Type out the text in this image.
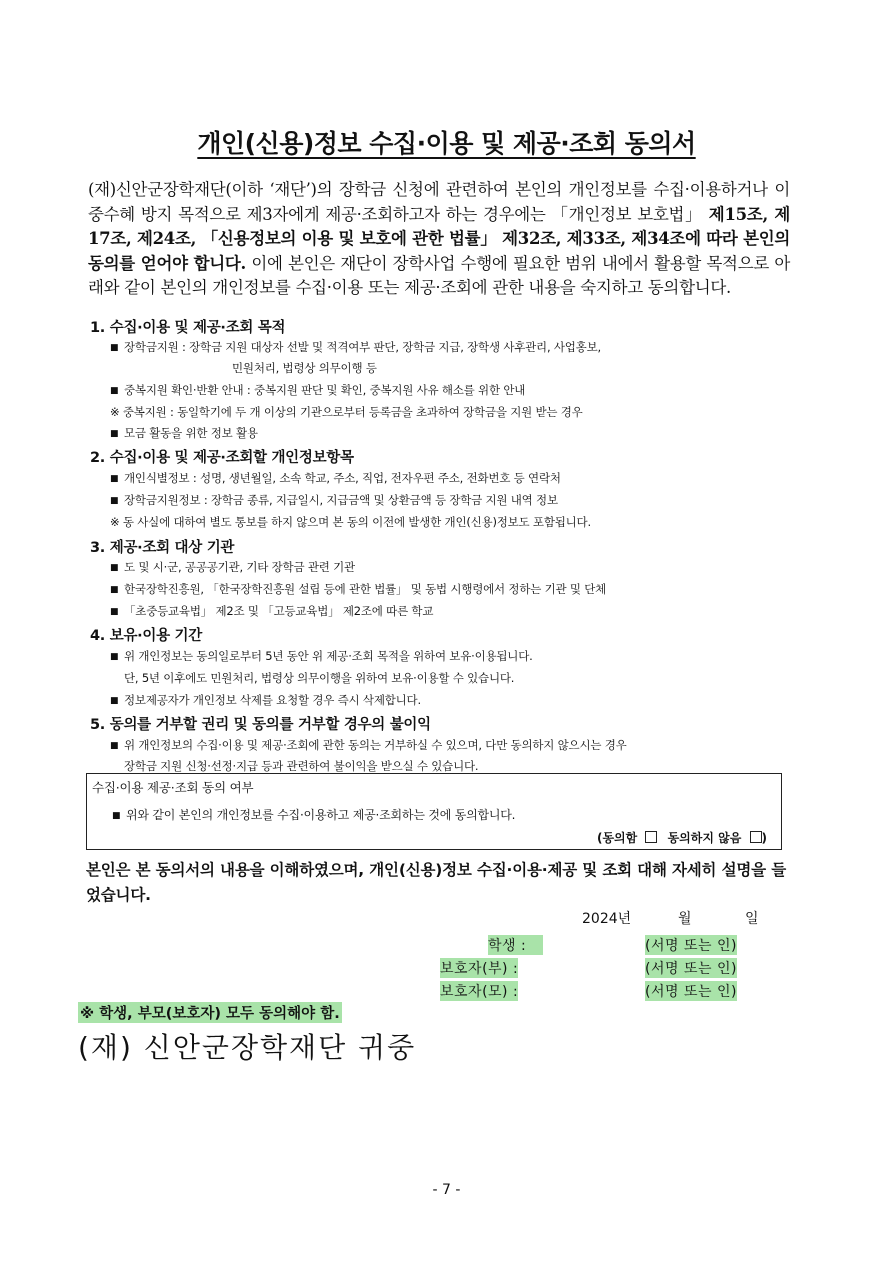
개인(신용)정보 수집·이용 및 제공·조회 동의서
(재)신안군장학재단(이하 ‘재단’)의 장학금 신청에 관련하여 본인의 개인정보를 수집·이용하거나 이중수혜 방지 목적으로 제3자에게 제공·조회하고자 하는 경우에는 「개인정보 보호법」 제15조, 제17조, 제24조, 「신용정보의 이용 및 보호에 관한 법률」 제32조, 제33조, 제34조에 따라 본인의 동의를 얻어야 합니다. 이에 본인은 재단이 장학사업 수행에 필요한 범위 내에서 활용할 목적으로 아래와 같이 본인의 개인정보를 수집·이용 또는 제공·조회에 관한 내용을 숙지하고 동의합니다.
1. 수집·이용 및 제공·조회 목적
■ 장학금지원 : 장학금 지원 대상자 선발 및 적격여부 판단, 장학금 지급, 장학생 사후관리, 사업홍보,
민원처리, 법령상 의무이행 등
■ 중복지원 확인·반환 안내 : 중복지원 판단 및 확인, 중복지원 사유 해소를 위한 안내
※ 중복지원 : 동일학기에 두 개 이상의 기관으로부터 등록금을 초과하여 장학금을 지원 받는 경우
■ 모금 활동을 위한 정보 활용
2. 수집·이용 및 제공·조회할 개인정보항목
■ 개인식별정보 : 성명, 생년월일, 소속 학교, 주소, 직업, 전자우편 주소, 전화번호 등 연락처
■ 장학금지원정보 : 장학금 종류, 지급일시, 지급금액 및 상환금액 등 장학금 지원 내역 정보
※ 동 사실에 대하여 별도 통보를 하지 않으며 본 동의 이전에 발생한 개인(신용)정보도 포함됩니다.
3. 제공·조회 대상 기관
■ 도 및 시·군, 공공공기관, 기타 장학금 관련 기관
■ 한국장학진흥원, 「한국장학진흥원 설립 등에 관한 법률」 및 동법 시행령에서 정하는 기관 및 단체
■ 「초중등교육법」 제2조 및 「고등교육법」 제2조에 따른 학교
4. 보유·이용 기간
■ 위 개인정보는 동의일로부터 5년 동안 위 제공·조회 목적을 위하여 보유·이용됩니다.
단, 5년 이후에도 민원처리, 법령상 의무이행을 위하여 보유·이용할 수 있습니다.
■ 정보제공자가 개인정보 삭제를 요청할 경우 즉시 삭제합니다.
5. 동의를 거부할 권리 및 동의를 거부할 경우의 불이익
■ 위 개인정보의 수집·이용 및 제공·조회에 관한 동의는 거부하실 수 있으며, 다만 동의하지 않으시는 경우
장학금 지원 신청·선정·지급 등과 관련하여 불이익을 받으실 수 있습니다.
수집·이용 제공·조회 동의 여부
■ 위와 같이 본인의 개인정보를 수집·이용하고 제공·조회하는 것에 동의합니다.
(동의함	동의하지 않음 )
본인은 본 동의서의 내용을 이해하였으며, 개인(신용)정보 수집·이용·제공 및 조회 대해 자세히 설명을 들었습니다.
2024년	월	일
학생 :	(서명 또는 인)
보호자(부) :	(서명 또는 인)
보호자(모) :	(서명 또는 인)
※ 학생, 부모(보호자) 모두 동의해야 함.
(재) 신안군장학재단 귀중
- 7 -
